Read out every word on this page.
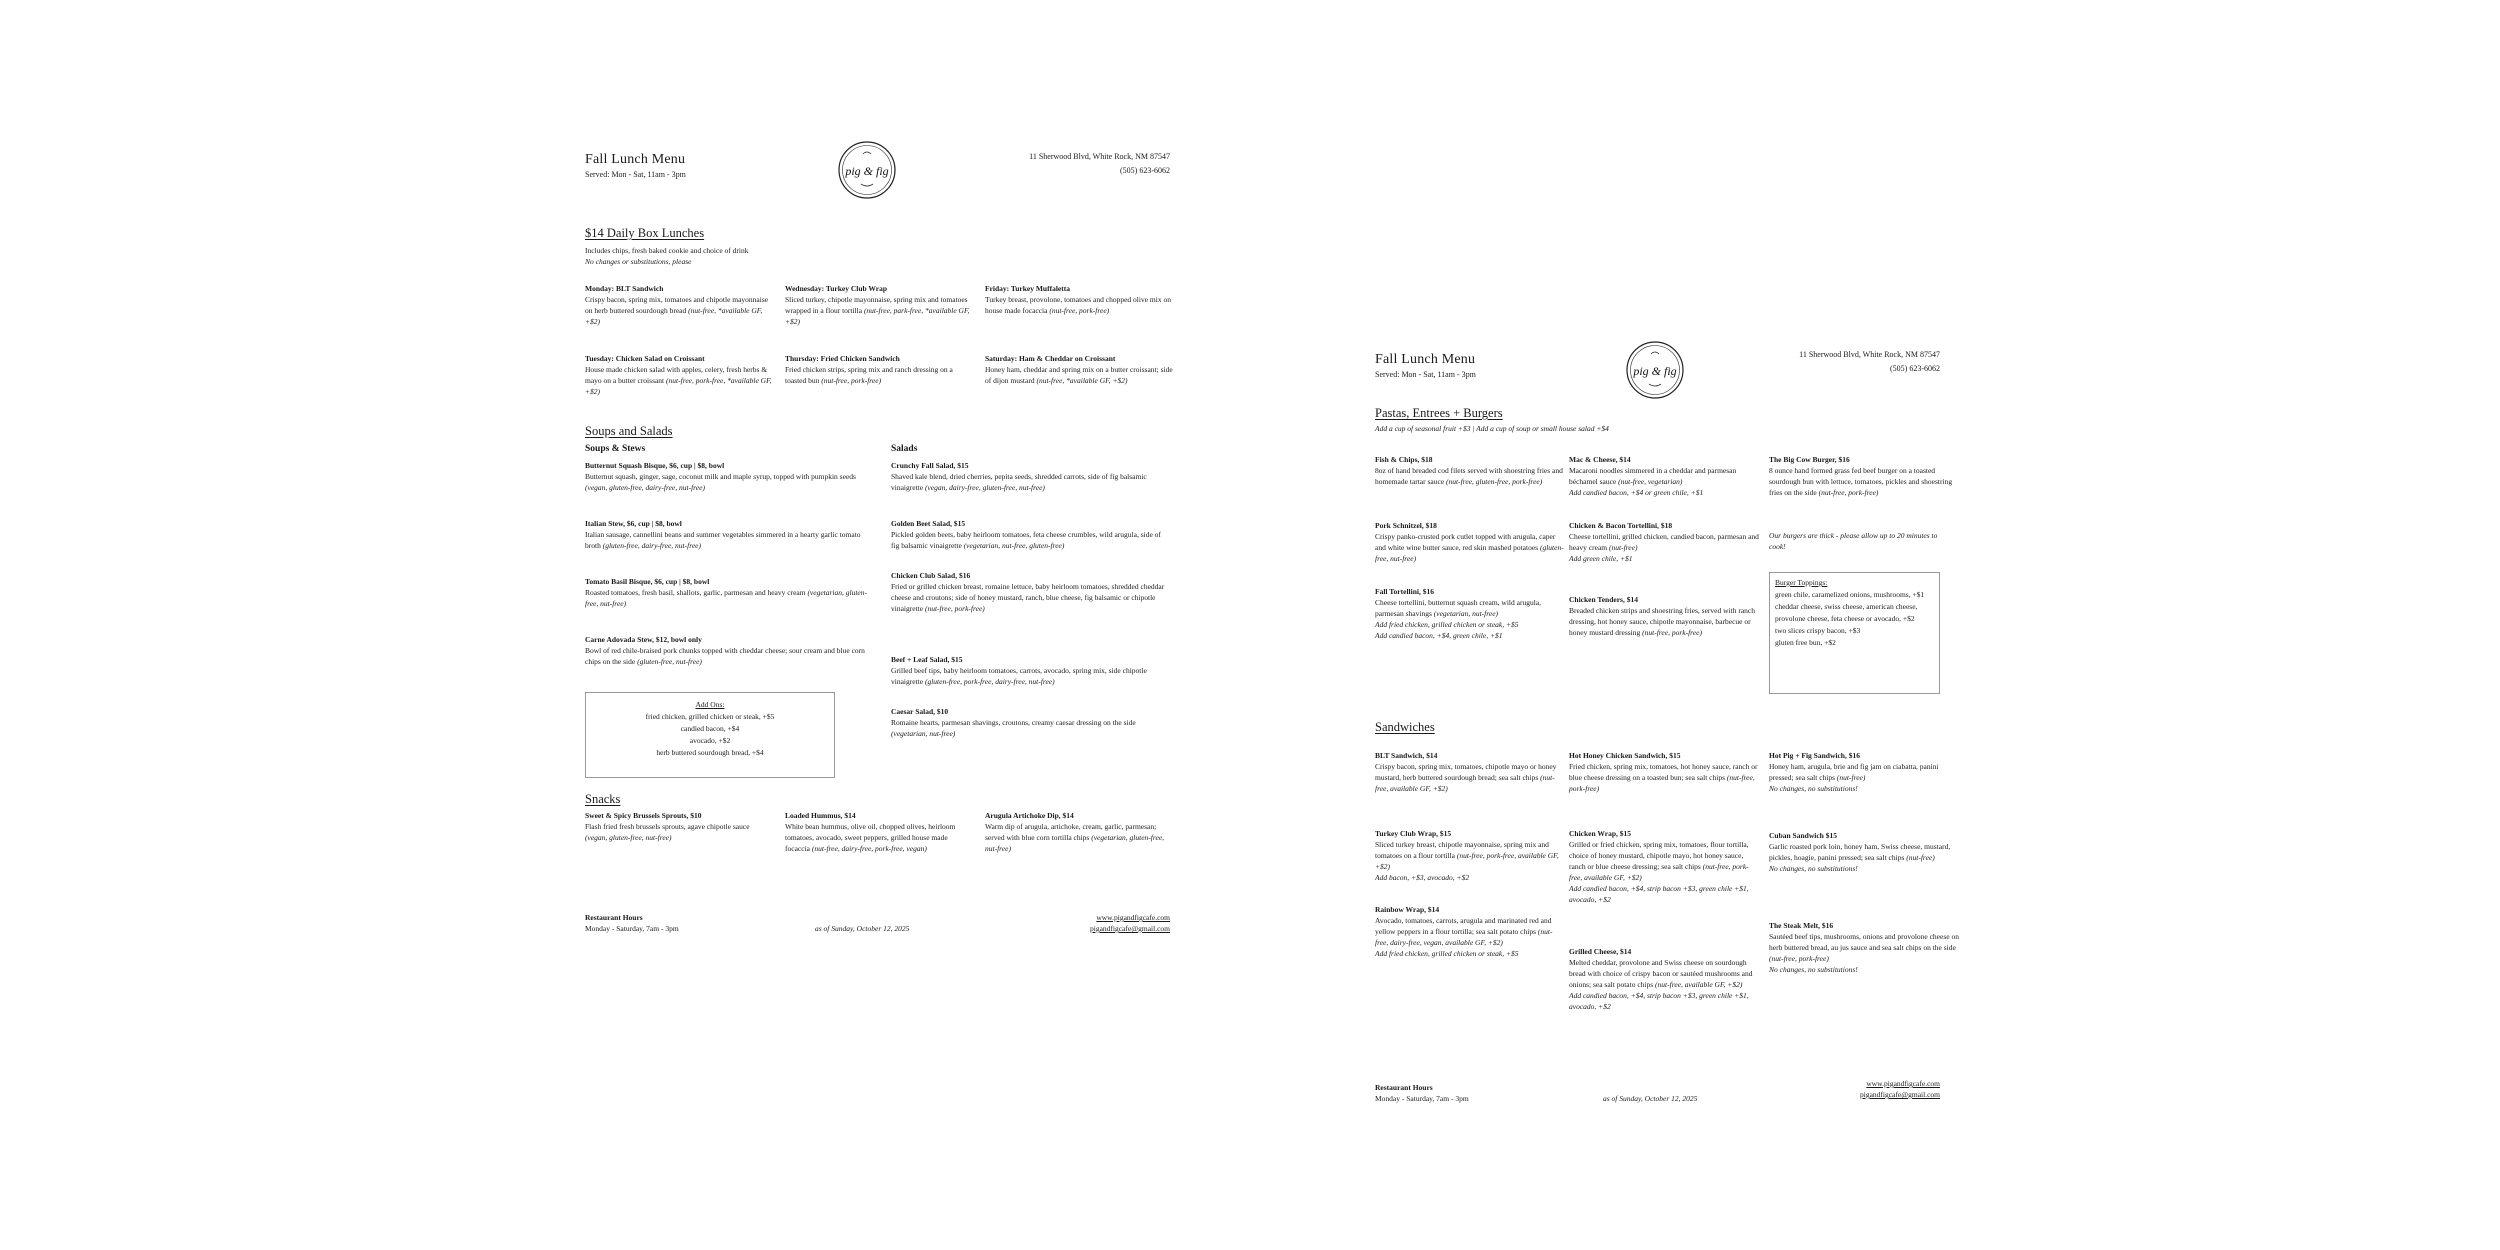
Fall Lunch Menu
Served: Mon - Sat, 11am - 3pm	pig & fig
11 Sherwood Blvd, White Rock, NM 87547
(505) 623-6062
$14 Daily Box Lunches
Includes chips, fresh baked cookie and choice of drink
No changes or substitutions, please
Monday: BLT Sandwich
Crispy bacon, spring mix, tomatoes and chipotle mayonnaise on herb buttered sourdough bread (nut-free, *available GF, +$2)
Wednesday: Turkey Club Wrap
Sliced turkey, chipotle mayonnaise, spring mix and tomatoes wrapped in a flour tortilla (nut-free, park-free, *available GF, +$2)
Friday: Turkey Muffaletta
Turkey breast, provolone, tomatoes and chopped olive mix on house made focaccia (nut-free, pork-free)
Tuesday: Chicken Salad on Croissant
House made chicken salad with apples, celery, fresh herbs & mayo on a butter croissant (nut-free, pork-free, *available GF, +$2)
Thursday: Fried Chicken Sandwich
Fried chicken strips, spring mix and ranch dressing on a toasted bun (nut-free, pork-free)
Saturday: Ham & Cheddar on Croissant
Honey ham, cheddar and spring mix on a butter croissant; side of dijon mustard (nut-free, *available GF, +$2)
Soups and Salads
Soups & Stews	Salads
Butternut Squash Bisque, $6, cup | $8, bowl
Butternut squash, ginger, sage, coconut milk and maple syrup, topped with pumpkin seeds (vegan, gluten-free, dairy-free, nut-free)
Italian Stew, $6, cup | $8, bowl
Italian sausage, cannellini beans and summer vegetables simmered in a hearty garlic tomato broth (gluten-free, dairy-free, nut-free)
Tomato Basil Bisque, $6, cup | $8, bowl
Roasted tomatoes, fresh basil, shallots, garlic, parmesan and heavy cream (vegetarian, gluten-free, nut-free)
Carne Adovada Stew, $12, bowl only
Bowl of red chile-braised pork chunks topped with cheddar cheese; sour cream and blue corn chips on the side (gluten-free, nut-free)
Crunchy Fall Salad, $15
Shaved kale blend, dried cherries, pepita seeds, shredded carrots, side of fig balsamic vinaigrette (vegan, dairy-free, gluten-free, nut-free)
Golden Beet Salad, $15
Pickled golden beets, baby heirloom tomatoes, feta cheese crumbles, wild arugula, side of fig balsamic vinaigrette (vegetarian, nut-free, gluten-free)
Chicken Club Salad, $16
Fried or grilled chicken breast, romaine lettuce, baby heirloom tomatoes, shredded cheddar cheese and croutons; side of honey mustard, ranch, blue cheese, fig balsamic or chipotle vinaigrette (nut-free, pork-free)
Beef + Leaf Salad, $15
Grilled beef tips, baby heirloom tomatoes, carrots, avocado, spring mix, side chipotle vinaigrette (gluten-free, pork-free, dairy-free, nut-free)
Caesar Salad, $10
Romaine hearts, parmesan shavings, croutons, creamy caesar dressing on the side (vegetarian, nut-free)
Add Ons:
fried chicken, grilled chicken or steak, +$5
candied bacon, +$4
avocado, +$2
herb buttered sourdough bread, +$4
Snacks
Sweet & Spicy Brussels Sprouts, $10
Flash fried fresh brussels sprouts, agave chipotle sauce (vegan, gluten-free, nut-free)
Loaded Hummus, $14
White bean hummus, olive oil, chopped olives, heirloom tomatoes, avocado, sweet peppers, grilled house made focaccia (nut-free, dairy-free, pork-free, vegan)
Arugula Artichoke Dip, $14
Warm dip of arugula, artichoke, cream, garlic, parmesan; served with blue corn tortilla chips (vegetarian, gluten-free, nut-free)
Restaurant Hours
Monday - Saturday, 7am - 3pm	as of Sunday, October 12, 2025
www.pigandfigcafe.com
pigandfigcafe@gmail.com
Fall Lunch Menu
Served: Mon - Sat, 11am - 3pm	pig & fig
11 Sherwood Blvd, White Rock, NM 87547
(505) 623-6062
Pastas, Entrees + Burgers
Add a cup of seasonal fruit +$3 | Add a cup of soup or small house salad +$4
Fish & Chips, $18
8oz of hand breaded cod filets served with shoestring fries and homemade tartar sauce (nut-free, gluten-free, pork-free)
Pork Schnitzel, $18
Crispy panko-crusted pork cutlet topped with arugula, caper and white wine butter sauce, red skin mashed potatoes (gluten-free, nut-free)
Fall Tortellini, $16
Cheese tortellini, butternut squash cream, wild arugula, parmesan shavings (vegetarian, nut-free)
Add fried chicken, grilled chicken or steak, +$5
Add candied bacon, +$4, green chile, +$1
Mac & Cheese, $14
Macaroni noodles simmered in a cheddar and parmesan béchamel sauce (nut-free, vegetarian)
Add candied bacon, +$4 or green chile, +$1
Chicken & Bacon Tortellini, $18
Cheese tortellini, grilled chicken, candied bacon, parmesan and heavy cream (nut-free)
Add green chile, +$1
Chicken Tenders, $14
Breaded chicken strips and shoestring fries, served with ranch dressing, hot honey sauce, chipotle mayonnaise, barbecue or honey mustard dressing (nut-free, pork-free)
The Big Cow Burger, $16
8 ounce hand formed grass fed beef burger on a toasted sourdough bun with lettuce, tomatoes, pickles and shoestring fries on the side (nut-free, pork-free)
Our burgers are thick - please allow up to 20 minutes to cook!
Burger Toppings:
green chile, caramelized onions, mushrooms, +$1
cheddar cheese, swiss cheese, american cheese, provolone cheese, feta cheese or avocado, +$2
two slices crispy bacon, +$3
gluten free bun, +$2
Sandwiches
BLT Sandwich, $14
Crispy bacon, spring mix, tomatoes, chipotle mayo or honey mustard, herb buttered sourdough bread; sea salt chips (nut-free, available GF, +$2)
Turkey Club Wrap, $15
Sliced turkey breast, chipotle mayonnaise, spring mix and tomatoes on a flour tortilla (nut-free, pork-free, available GF, +$2)
Add bacon, +$3, avocado, +$2
Rainbow Wrap, $14
Avocado, tomatoes, carrots, arugula and marinated red and yellow peppers in a flour tortilla; sea salt potato chips (nut-free, dairy-free, vegan, available GF, +$2)
Add fried chicken, grilled chicken or steak, +$5
Hot Honey Chicken Sandwich, $15
Fried chicken, spring mix, tomatoes, hot honey sauce, ranch or blue cheese dressing on a toasted bun; sea salt chips (nut-free, pork-free)
Chicken Wrap, $15
Grilled or fried chicken, spring mix, tomatoes, flour tortilla, choice of honey mustard, chipotle mayo, hot honey sauce, ranch or blue cheese dressing; sea salt chips (nut-free, pork-free, available GF, +$2)
Add candied bacon, +$4, strip bacon +$3, green chile +$1, avocado, +$2
Grilled Cheese, $14
Melted cheddar, provolone and Swiss cheese on sourdough bread with choice of crispy bacon or sautéed mushrooms and onions; sea salt potato chips (nut-free, available GF, +$2)
Add candied bacon, +$4, strip bacon +$3, green chile +$1, avocado, +$2
Hot Pig + Fig Sandwich, $16
Honey ham, arugula, brie and fig jam on ciabatta, panini pressed; sea salt chips (nut-free)
No changes, no substitutions!
Cuban Sandwich $15
Garlic roasted pork loin, honey ham, Swiss cheese, mustard, pickles, hoagie, panini pressed; sea salt chips (nut-free)
No changes, no substitutions!
The Steak Melt, $16
Sautéed beef tips, mushrooms, onions and provolone cheese on herb buttered bread, au jus sauce and sea salt chips on the side (nut-free, pork-free)
No changes, no substitutions!
Restaurant Hours
Monday - Saturday, 7am - 3pm	as of Sunday, October 12, 2025
www.pigandfigcafe.com
pigandfigcafe@gmail.com
